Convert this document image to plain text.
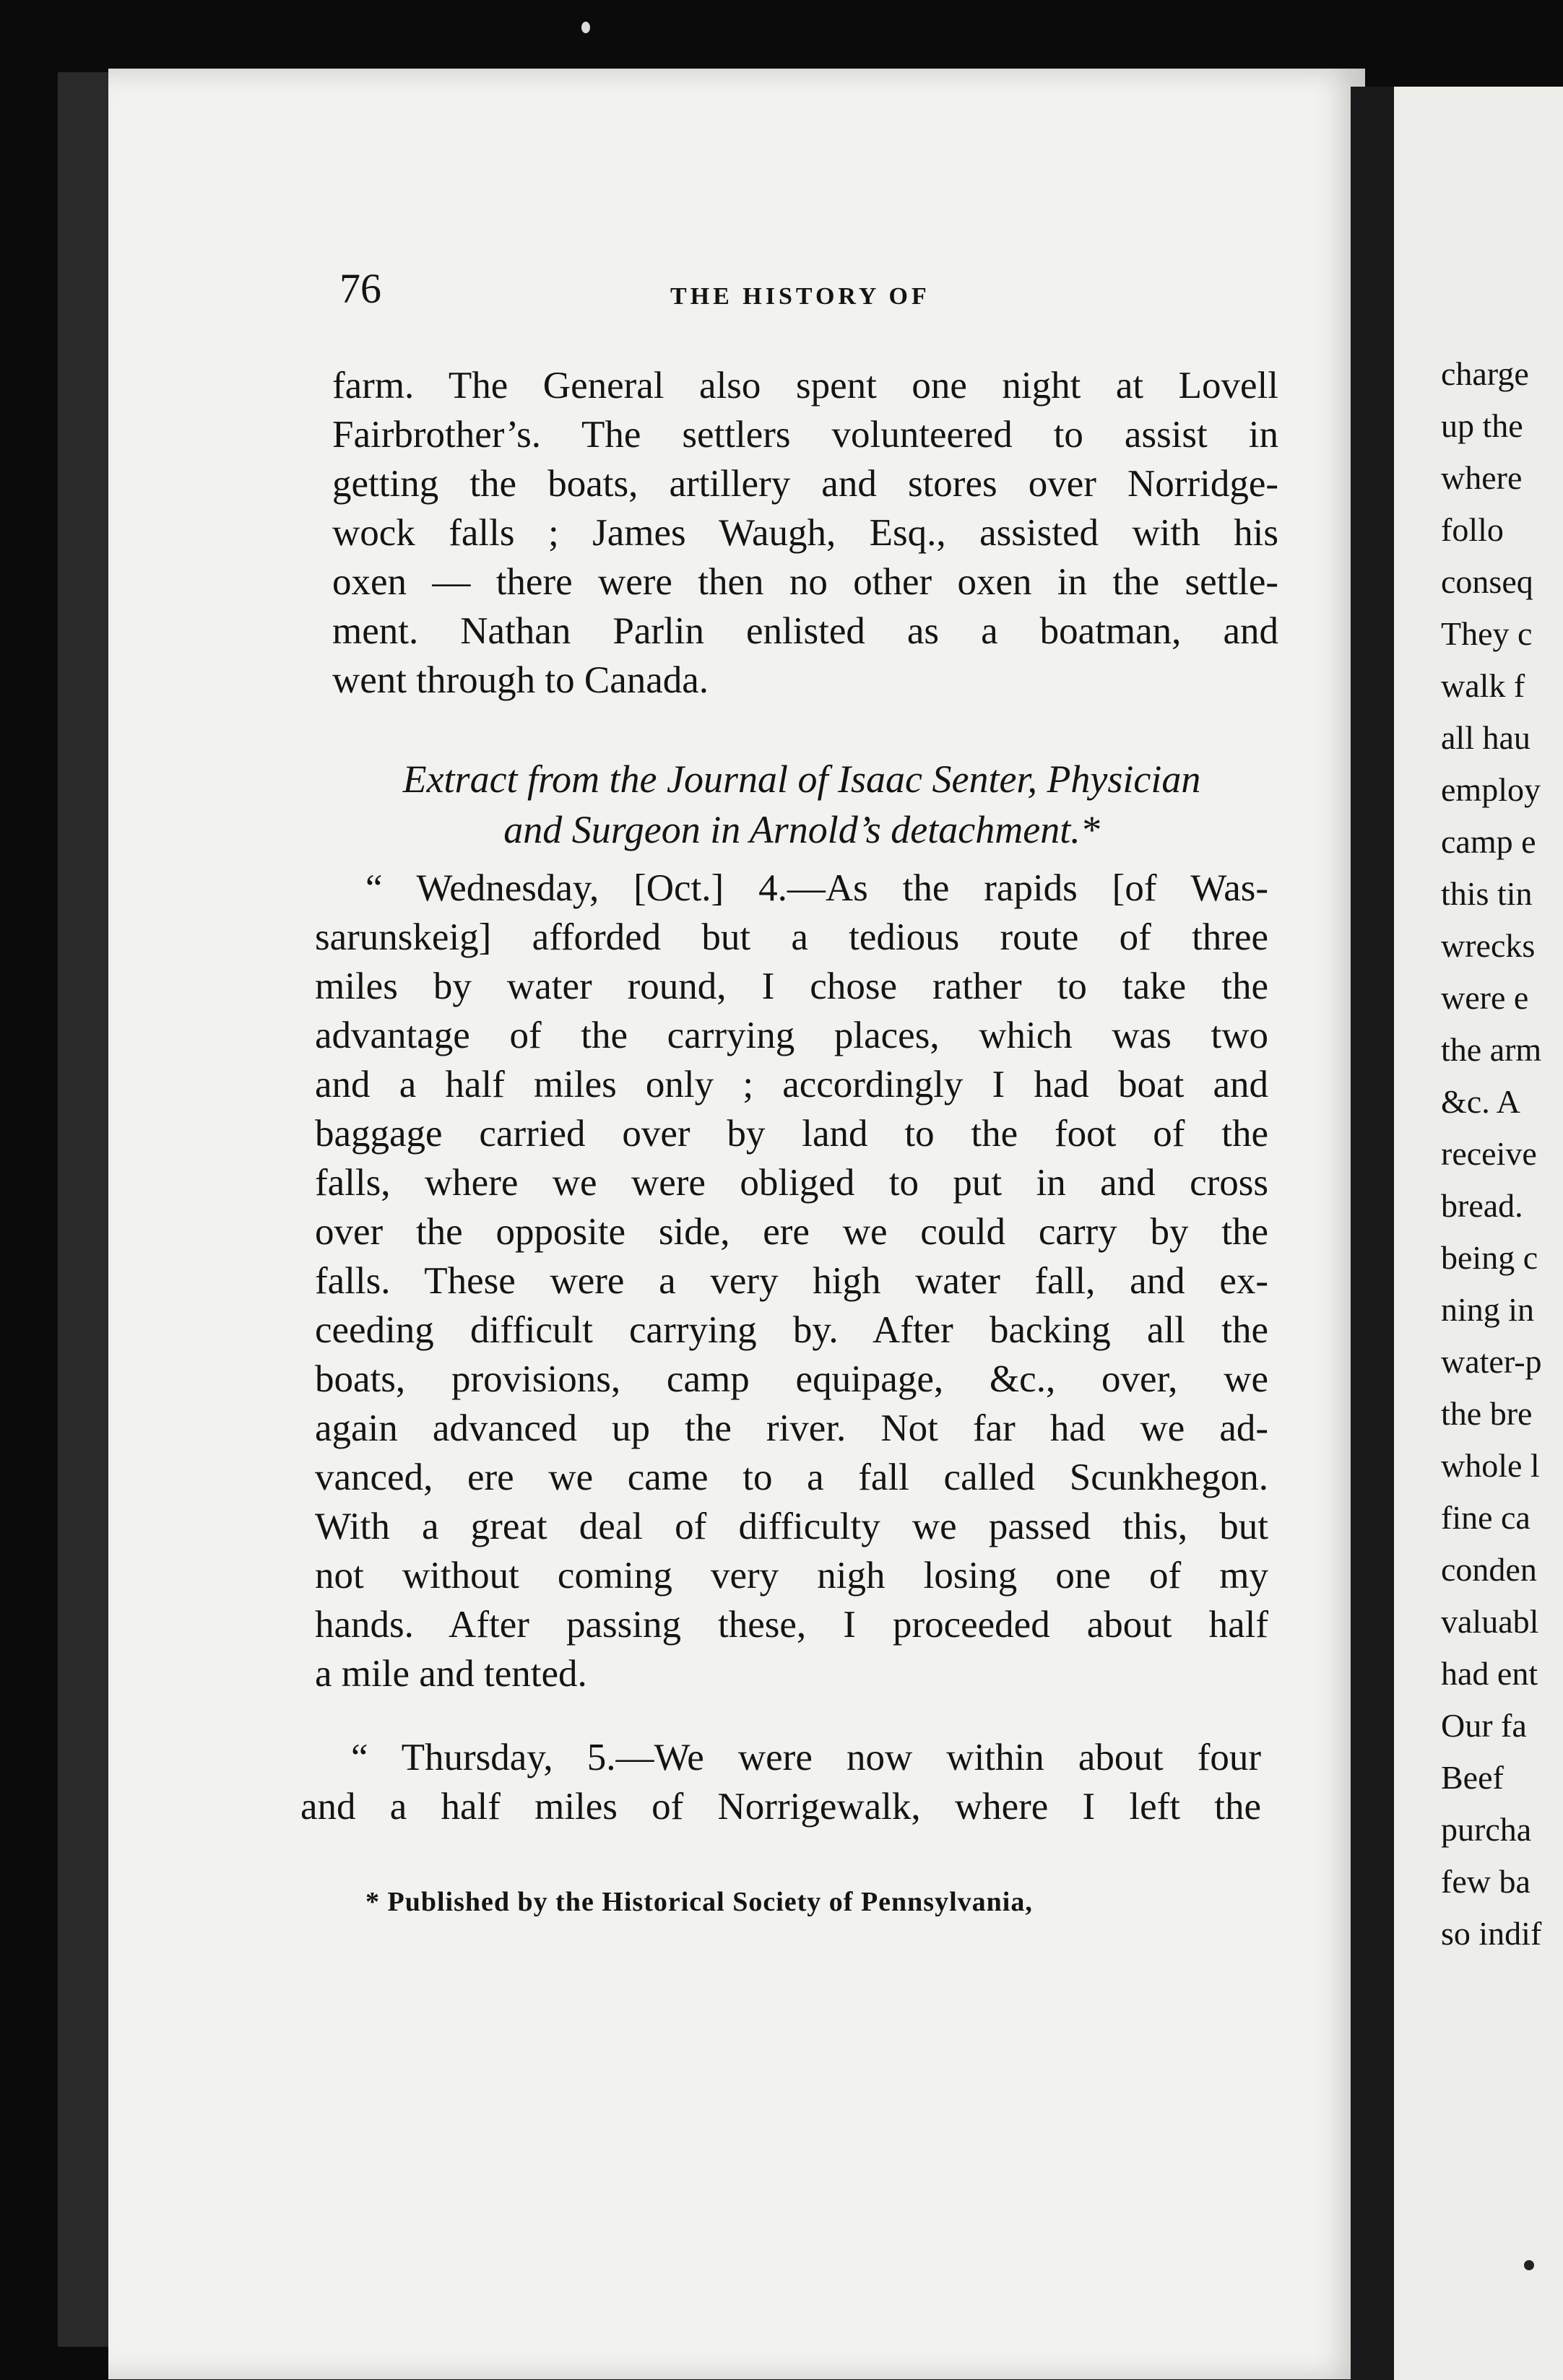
76	THE HISTORY OF
farm. The General also spent one night at Lovell
Fairbrother’s. The settlers volunteered to assist in
getting the boats, artillery and stores over Norridge-
wock falls ; James Waugh, Esq., assisted with his
oxen — there were then no other oxen in the settle-
ment. Nathan Parlin enlisted as a boatman, and
went through to Canada.
Extract from the Journal of Isaac Senter, Physician
and Surgeon in Arnold’s detachment.*
“ Wednesday, [Oct.] 4.—As the rapids [of Was-
sarunskeig] afforded but a tedious route of three
miles by water round, I chose rather to take the
advantage of the carrying places, which was two
and a half miles only ; accordingly I had boat and
baggage carried over by land to the foot of the
falls, where we were obliged to put in and cross
over the opposite side, ere we could carry by the
falls. These were a very high water fall, and ex-
ceeding difficult carrying by. After backing all the
boats, provisions, camp equipage, &c., over, we
again advanced up the river. Not far had we ad-
vanced, ere we came to a fall called Scunkhegon.
With a great deal of difficulty we passed this, but
not without coming very nigh losing one of my
hands. After passing these, I proceeded about half
a mile and tented.
“ Thursday, 5.—We were now within about four
and a half miles of Norrigewalk, where I left the
* Published by the Historical Society of Pennsylvania,
charge
up the
where
follo
conseq
They c
walk f
all hau
employ
camp e
this tin
wrecks
were e
the arm
&c. A
receive
bread.
being c
ning in
water-p
the bre
whole l
fine ca
conden
valuabl
had ent
Our fa
Beef
purcha
few ba
so indif
